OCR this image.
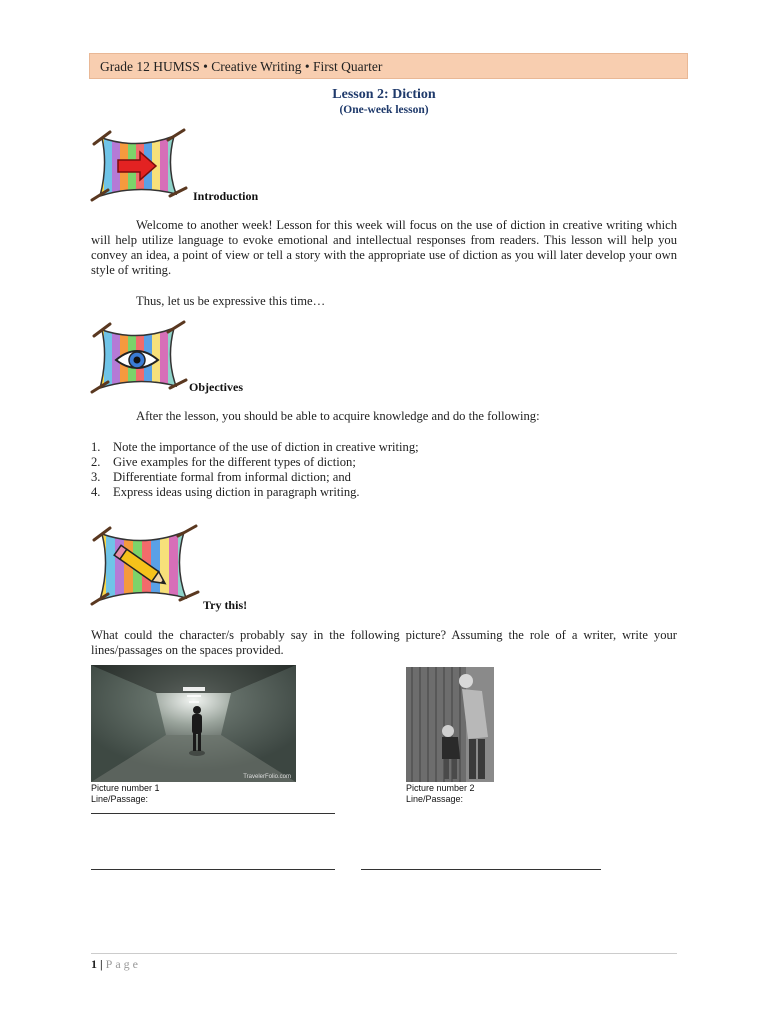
Grade 12 HUMSS • Creative Writing • First Quarter
Lesson 2: Diction
(One-week lesson)
Introduction
Welcome to another week! Lesson for this week will focus on the use of diction in creative writing which will help utilize language to evoke emotional and intellectual responses from readers. This lesson will help you convey an idea, a point of view or tell a story with the appropriate use of diction as you will later develop your own style of writing.
Thus, let us be expressive this time…
Objectives
After the lesson, you should be able to acquire knowledge and do the following:
1. Note the importance of the use of diction in creative writing;
2. Give examples for the different types of diction;
3. Differentiate formal from informal diction; and
4. Express ideas using diction in paragraph writing.
Try this!
What could the character/s probably say in the following picture? Assuming the role of a writer, write your lines/passages on the spaces provided.
TravelerFolio.com
Picture number 1
Line/Passage:
Picture number 2
Line/Passage:
1 | Page
